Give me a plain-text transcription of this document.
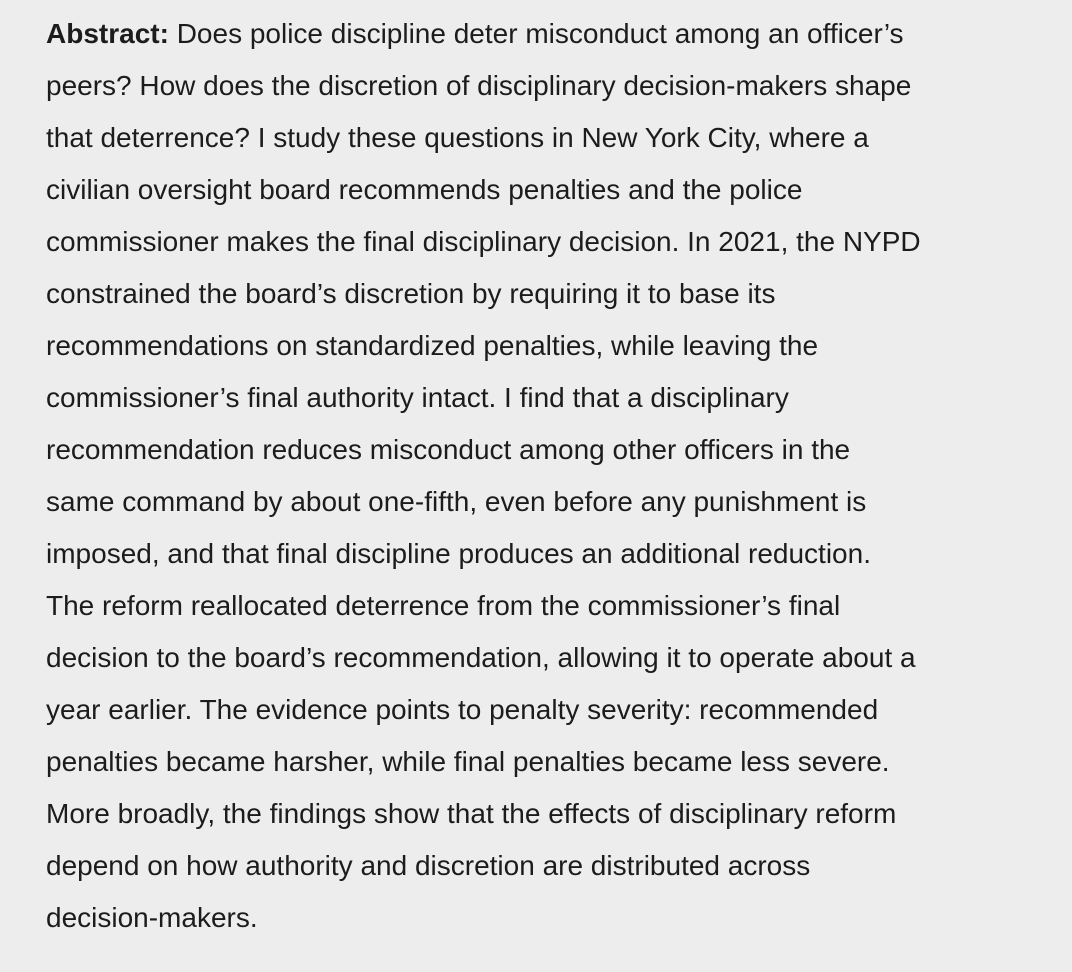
Abstract: Does police discipline deter misconduct among an officer’s
peers? How does the discretion of disciplinary decision-makers shape
that deterrence? I study these questions in New York City, where a
civilian oversight board recommends penalties and the police
commissioner makes the final disciplinary decision. In 2021, the NYPD
constrained the board’s discretion by requiring it to base its
recommendations on standardized penalties, while leaving the
commissioner’s final authority intact. I find that a disciplinary
recommendation reduces misconduct among other officers in the
same command by about one-fifth, even before any punishment is
imposed, and that final discipline produces an additional reduction.
The reform reallocated deterrence from the commissioner’s final
decision to the board’s recommendation, allowing it to operate about a
year earlier. The evidence points to penalty severity: recommended
penalties became harsher, while final penalties became less severe.
More broadly, the findings show that the effects of disciplinary reform
depend on how authority and discretion are distributed across
decision-makers.
